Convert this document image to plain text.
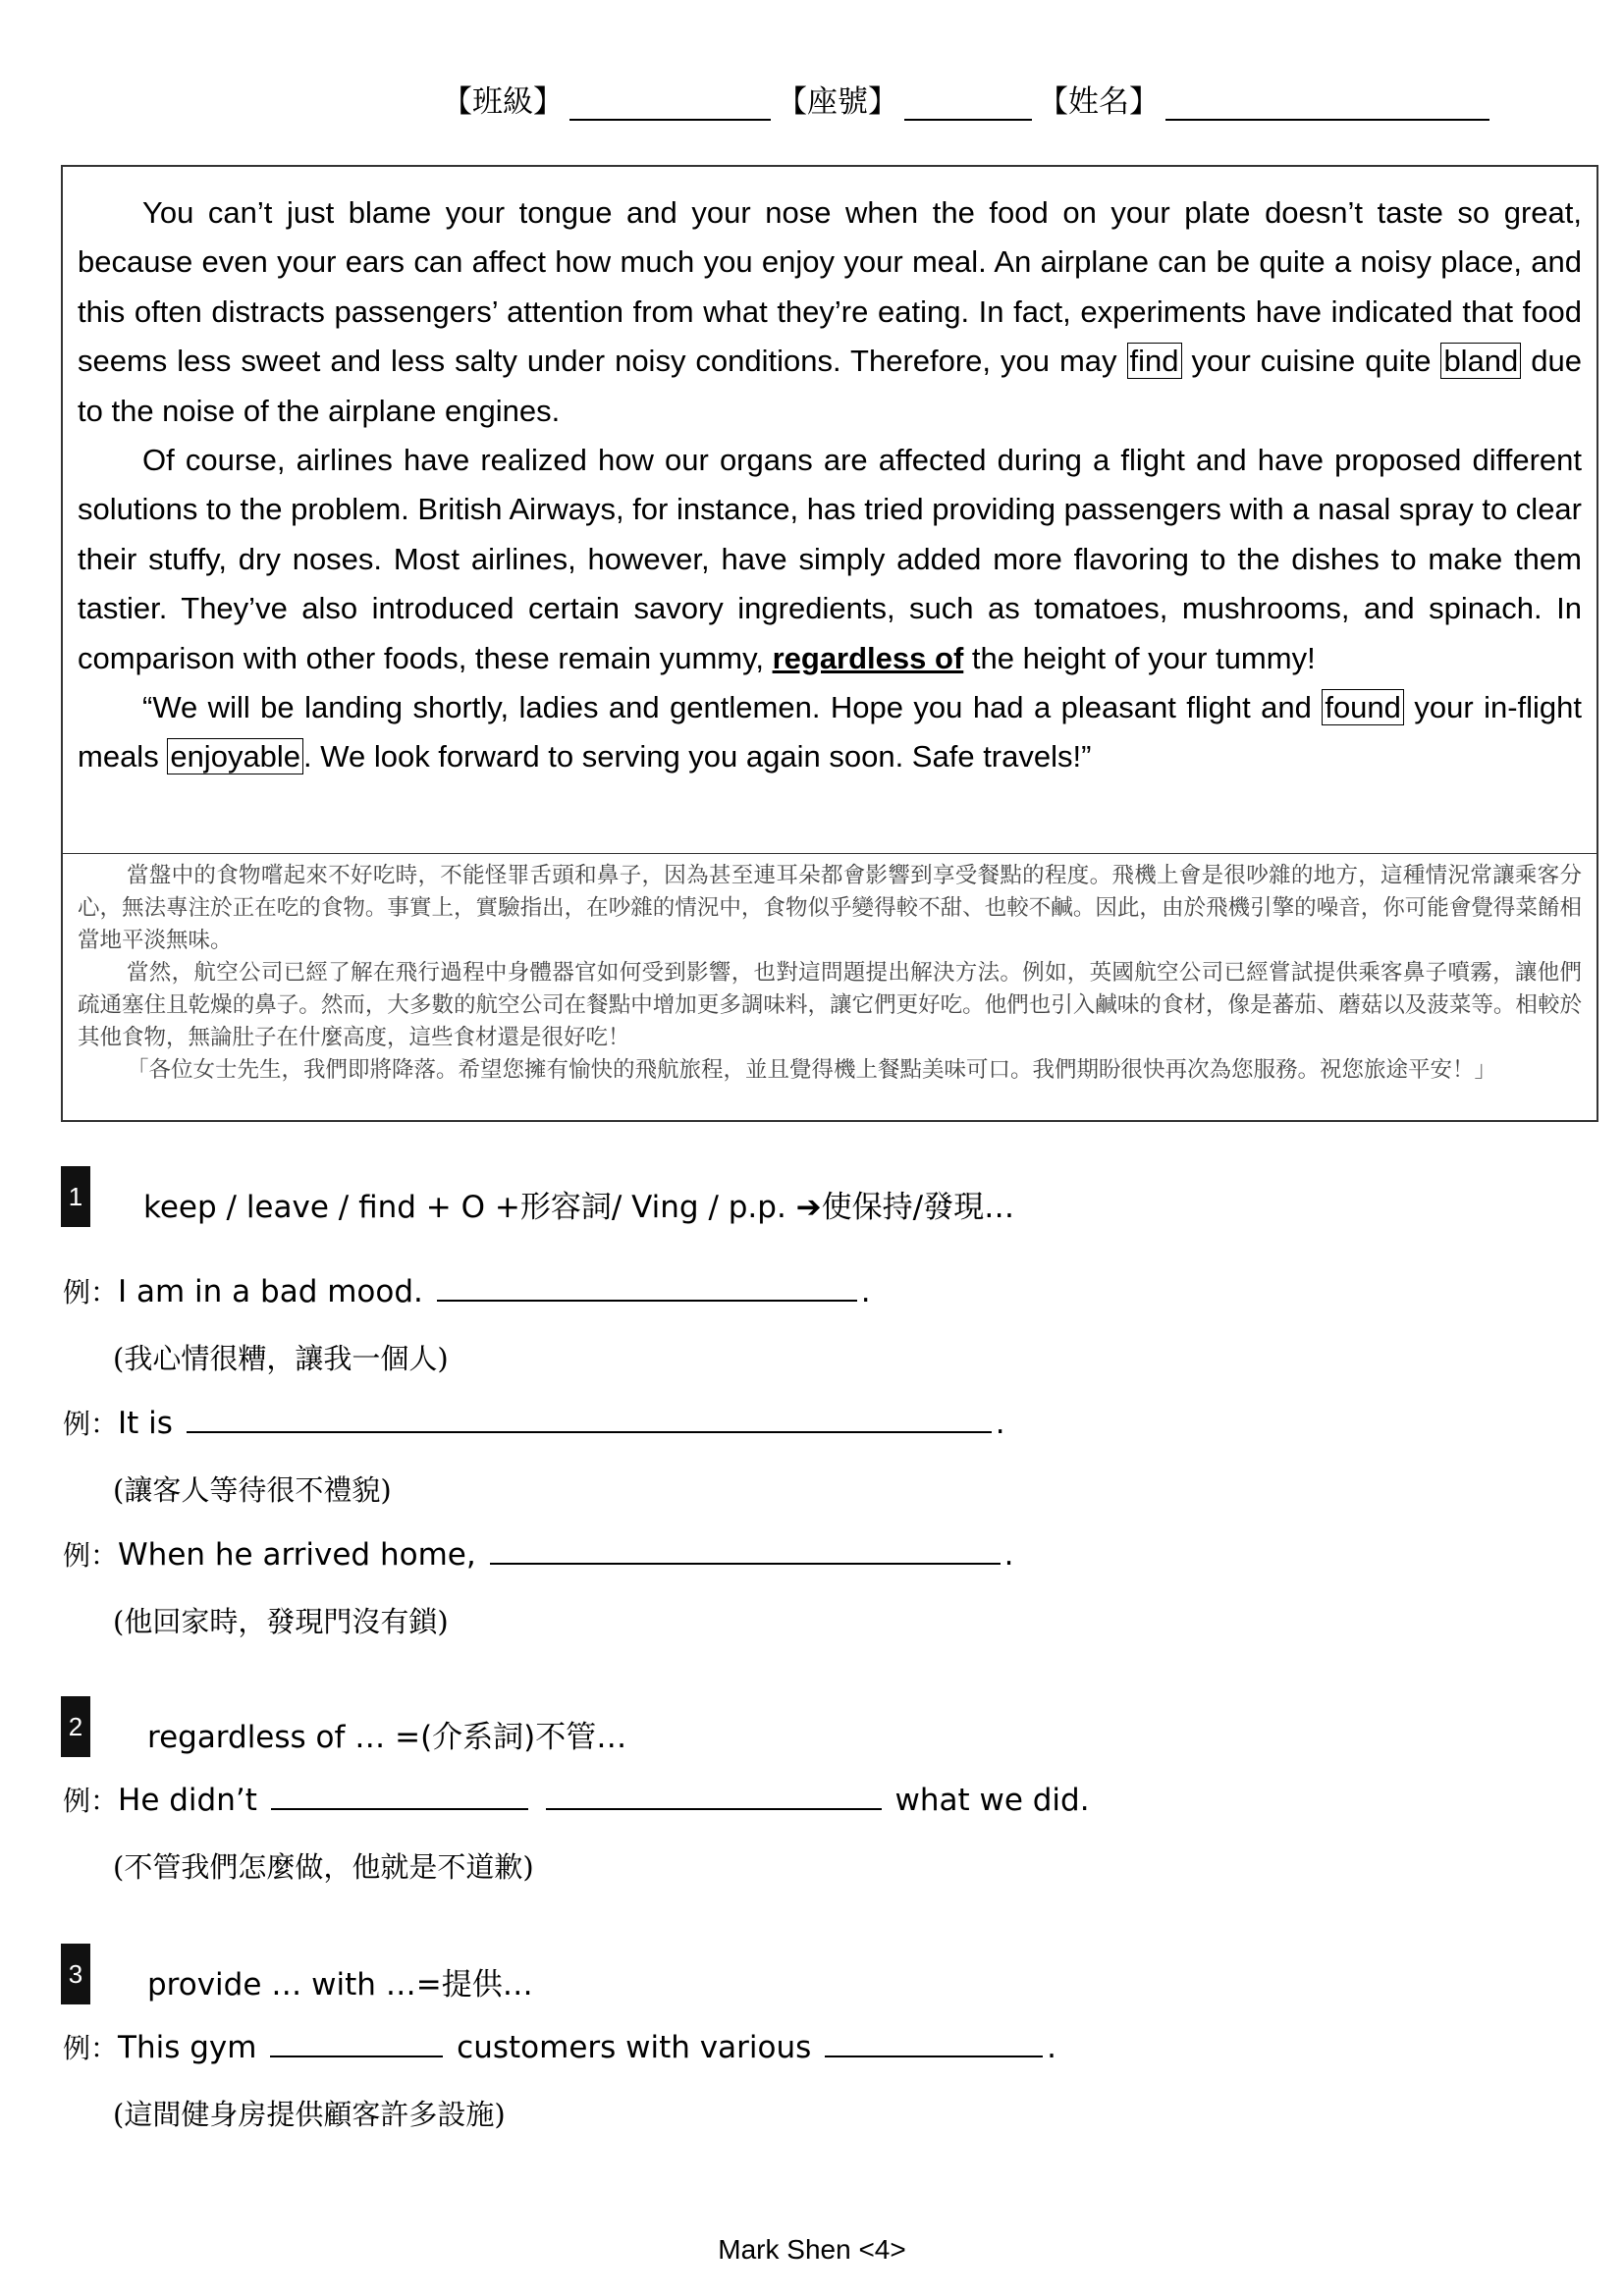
【班級】	【座號】	【姓名】

You can’t just blame your tongue and your nose when the food on your plate doesn’t taste so great, because even your ears can affect how much you enjoy your meal. An airplane can be quite a noisy place, and this often distracts passengers’ attention from what they’re eating. In fact, experiments have indicated that food seems less sweet and less salty under noisy conditions. Therefore, you may find your cuisine quite bland due to the noise of the airplane engines.

Of course, airlines have realized how our organs are affected during a flight and have proposed different solutions to the problem. British Airways, for instance, has tried providing passengers with a nasal spray to clear their stuffy, dry noses. Most airlines, however, have simply added more flavoring to the dishes to make them tastier. They’ve also introduced certain savory ingredients, such as tomatoes, mushrooms, and spinach. In comparison with other foods, these remain yummy, regardless of the height of your tummy!

“We will be landing shortly, ladies and gentlemen. Hope you had a pleasant flight and found your in-flight meals enjoyable. We look forward to serving you again soon. Safe travels!”

當盤中的食物嚐起來不好吃時，不能怪罪舌頭和鼻子，因為甚至連耳朵都會影響到享受餐點的程度。飛機上會是很吵雜的地方，這種情況常讓乘客分心，無法專注於正在吃的食物。事實上，實驗指出，在吵雜的情況中，食物似乎變得較不甜、也較不鹹。因此，由於飛機引擎的噪音，你可能會覺得菜餚相當地平淡無味。

當然，航空公司已經了解在飛行過程中身體器官如何受到影響，也對這問題提出解決方法。例如，英國航空公司已經嘗試提供乘客鼻子噴霧，讓他們疏通塞住且乾燥的鼻子。然而，大多數的航空公司在餐點中增加更多調味料，讓它們更好吃。他們也引入鹹味的食材，像是蕃茄、蘑菇以及菠菜等。相較於其他食物，無論肚子在什麼高度，這些食材還是很好吃！

「各位女士先生，我們即將降落。希望您擁有愉快的飛航旅程，並且覺得機上餐點美味可口。我們期盼很快再次為您服務。祝您旅途平安！」

1 keep / leave / find + O +形容詞/ Ving / p.p. ➔使保持/發現…
例：I am in a bad mood.	.
(我心情很糟，讓我一個人)
例：It is	.
(讓客人等待很不禮貌)
例：When he arrived home,	.
(他回家時，發現門沒有鎖)
2 regardless of … =(介系詞)不管…
例：He didn’t	what we did.
(不管我們怎麼做，他就是不道歉)
3 provide … with …=提供…
例：This gym	customers with various	.
(這間健身房提供顧客許多設施)
Mark Shen <4>
